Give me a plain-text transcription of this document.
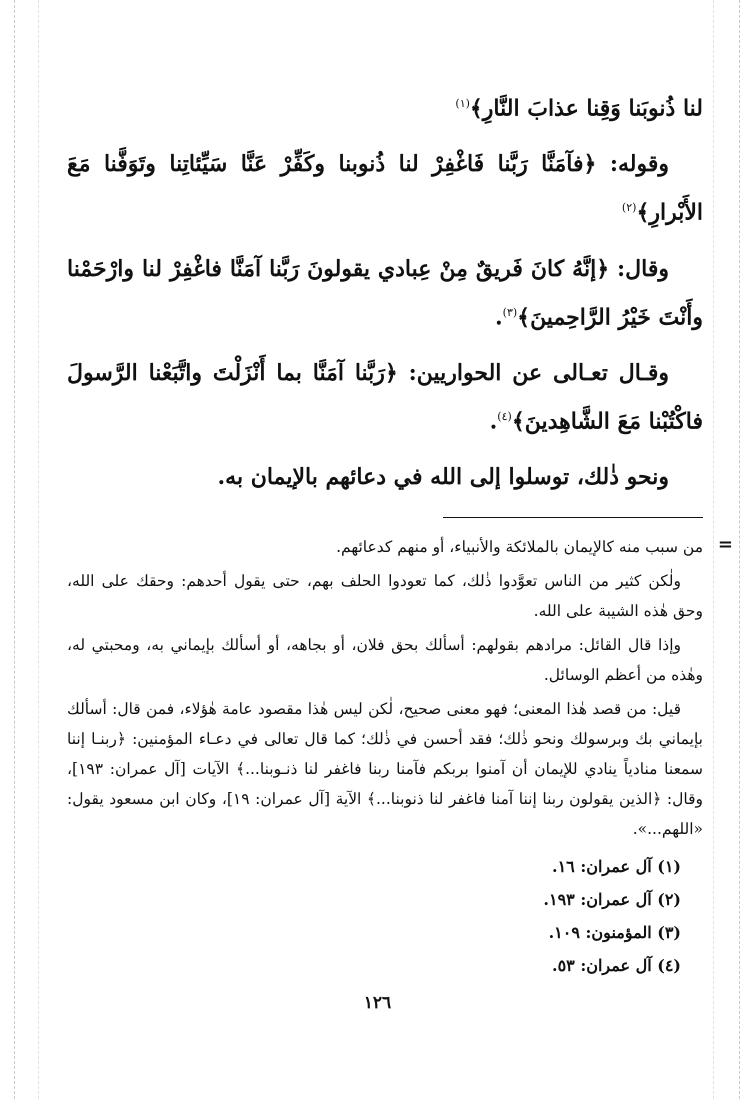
لنا ذُنوبَنا وَقِنا عذابَ النَّارِ﴾$^{(١)}$

وقوله: ﴿فآمَنَّا رَبَّنا فَاغْفِرْ لنا ذُنوبنا وكَفِّرْ عَنَّا سَيِّئاتِنا وتَوَفَّنا مَعَ الأَبْرارِ﴾$^{(٢)}$

وقال: ﴿إنَّهُ كانَ فَريقٌ مِنْ عِبادي يقولونَ رَبَّنا آمَنَّا فاغْفِرْ لنا وارْحَمْنا وأَنْتَ خَيْرُ الرَّاحِمينَ﴾$^{(٣)}$.

وقـال تعـالى عن الحواريين: ﴿رَبَّنا آمَنَّا بما أَنْزَلْتَ واتَّبَعْنا الرَّسولَ فاكْتُبْنا مَعَ الشَّاهِدينَ﴾$^{(٤)}$.

ونحو ذٰلك، توسلوا إلى الله في دعائهم بالإيمان به.

=

من سبب منه كالإيمان بالملائكة والأنبياء، أو منهم كدعائهم.

ولٰكن كثير من الناس تعوَّدوا ذٰلك، كما تعودوا الحلف بهم، حتى يقول أحدهم: وحقك على الله، وحق هٰذه الشيبة على الله.

وإذا قال القائل: مرادهم بقولهم: أسألك بحق فلان، أو بجاهه، أو أسألك بإيماني به، ومحبتي له، وهٰذه من أعظم الوسائل.

قيل: من قصد هٰذا المعنى؛ فهو معنى صحيح، لٰكن ليس هٰذا مقصود عامة هٰؤلاء، فمن قال: أسألك بإيماني بك وبرسولك ونحو ذٰلك؛ فقد أحسن في ذٰلك؛ كما قال تعالى في دعـاء المؤمنين: ﴿ربنـا إننا سمعنا منادياً ينادي للإيمان أن آمنوا بربكم فآمنا ربنا فاغفر لنا ذنـوبنا...﴾ الآيات [آل عمران: ١٩٣]، وقال: ﴿الذين يقولون ربنا إننا آمنا فاغفر لنا ذنوبنا...﴾ الآية [آل عمران: ١٩]، وكان ابن مسعود يقول: «اللهم...».

(١) آل عمران: ١٦.
(٢) آل عمران: ١٩٣.
(٣) المؤمنون: ١٠٩.
(٤) آل عمران: ٥٣.
١٢٦
